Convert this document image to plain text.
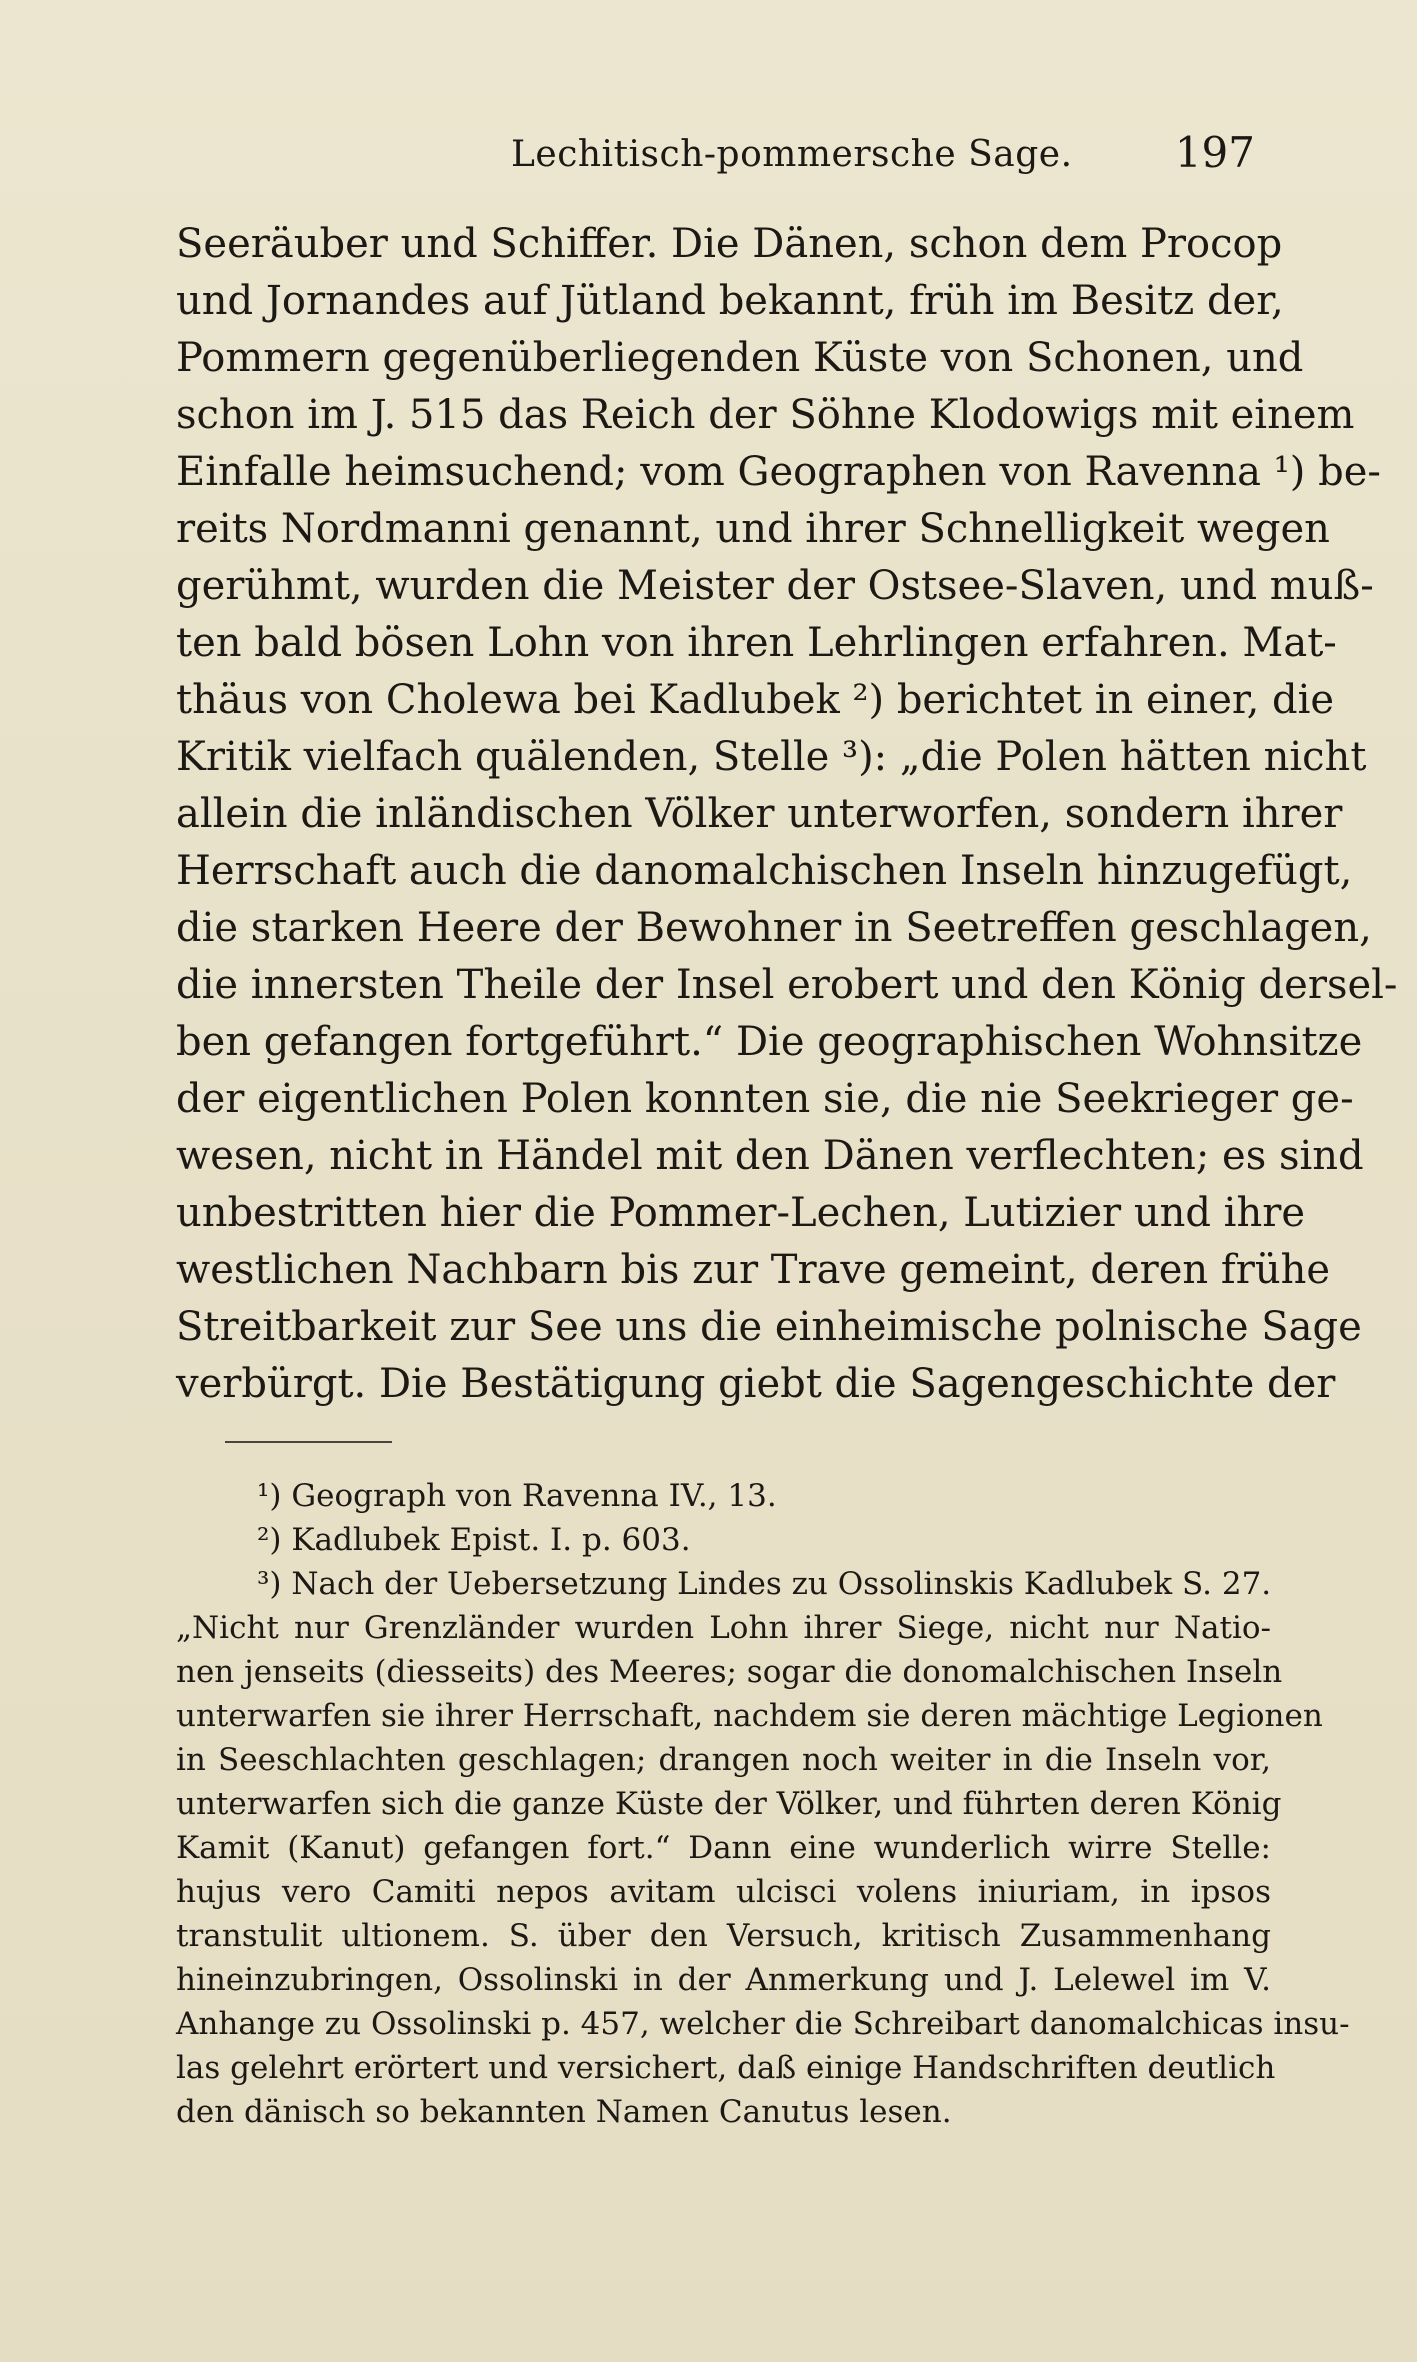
Lechitisch-pommersche Sage. 197
Seeräuber und Schiffer. Die Dänen, schon dem Procop
und Jornandes auf Jütland bekannt, früh im Besitz der,
Pommern gegenüberliegenden Küste von Schonen, und
schon im J. 515 das Reich der Söhne Klodowigs mit einem
Einfalle heimsuchend; vom Geographen von Ravenna ¹) be-
reits Nordmanni genannt, und ihrer Schnelligkeit wegen
gerühmt, wurden die Meister der Ostsee-Slaven, und muß-
ten bald bösen Lohn von ihren Lehrlingen erfahren. Mat-
thäus von Cholewa bei Kadlubek ²) berichtet in einer, die
Kritik vielfach quälenden, Stelle ³): „die Polen hätten nicht
allein die inländischen Völker unterworfen, sondern ihrer
Herrschaft auch die danomalchischen Inseln hinzugefügt,
die starken Heere der Bewohner in Seetreffen geschlagen,
die innersten Theile der Insel erobert und den König dersel-
ben gefangen fortgeführt.“ Die geographischen Wohnsitze
der eigentlichen Polen konnten sie, die nie Seekrieger ge-
wesen, nicht in Händel mit den Dänen verflechten; es sind
unbestritten hier die Pommer-Lechen, Lutizier und ihre
westlichen Nachbarn bis zur Trave gemeint, deren frühe
Streitbarkeit zur See uns die einheimische polnische Sage
verbürgt. Die Bestätigung giebt die Sagengeschichte der
¹) Geograph von Ravenna IV., 13.
²) Kadlubek Epist. I. p. 603.
³) Nach der Uebersetzung Lindes zu Ossolinskis Kadlubek S. 27.
„Nicht nur Grenzländer wurden Lohn ihrer Siege, nicht nur Natio-
nen jenseits (diesseits) des Meeres; sogar die donomalchischen Inseln
unterwarfen sie ihrer Herrschaft, nachdem sie deren mächtige Legionen
in Seeschlachten geschlagen; drangen noch weiter in die Inseln vor,
unterwarfen sich die ganze Küste der Völker, und führten deren König
Kamit (Kanut) gefangen fort.“ Dann eine wunderlich wirre Stelle:
hujus vero Camiti nepos avitam ulcisci volens iniuriam, in ipsos
transtulit ultionem. S. über den Versuch, kritisch Zusammenhang
hineinzubringen, Ossolinski in der Anmerkung und J. Lelewel im V.
Anhange zu Ossolinski p. 457, welcher die Schreibart danomalchicas insu-
las gelehrt erörtert und versichert, daß einige Handschriften deutlich
den dänisch so bekannten Namen Canutus lesen.
